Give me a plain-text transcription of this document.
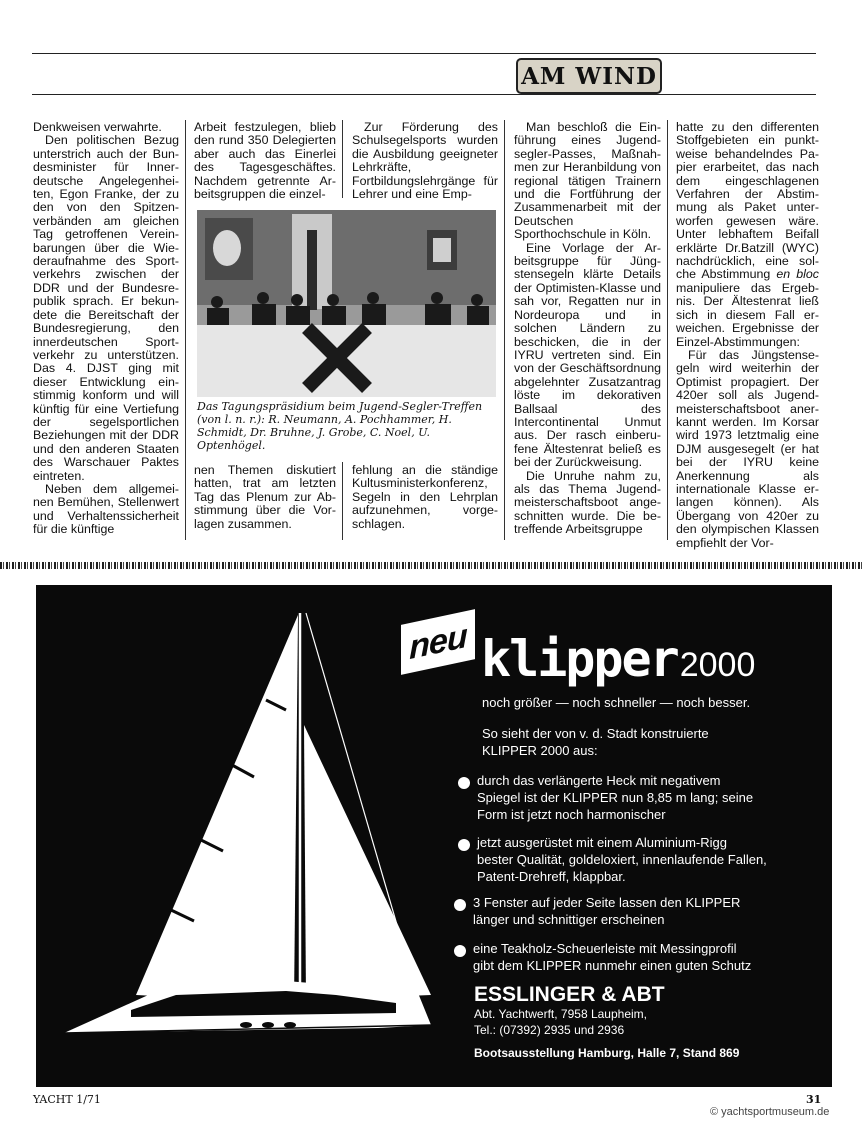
AM WIND

Denkweisen verwahrte.

Den politischen Bezug unterstrich auch der Bundesminister für Innerdeutsche Angelegenheiten, Egon Franke, der zu den von den Spitzenverbänden am gleichen Tag getroffenen Vereinbarungen über die Wiederaufnahme des Sportverkehrs zwischen der DDR und der Bundesrepublik sprach. Er bekundete die Bereitschaft der Bundesregierung, den innerdeutschen Sportverkehr zu unterstützen. Das 4. DJST ging mit dieser Entwicklung einstimmig konform und will künftig für eine Vertiefung der segelsportlichen Beziehungen mit der DDR und den anderen Staaten des Warschauer Paktes eintreten.

Neben dem allgemeinen Bemühen, Stellenwert und Verhaltenssicherheit für die künftige

Arbeit festzulegen, blieb den rund 350 Delegierten aber auch das Einerlei des Tagesgeschäftes. Nachdem getrennte Arbeitsgruppen die einzel-

Zur Förderung des Schulsegelsports wurden die Ausbildung geeigneter Lehrkräfte, Fortbildungslehrgänge für Lehrer und eine Emp-

Das Tagungspräsidium beim Jugend-Segler-Treffen (von l. n. r.): R. Neumann, A. Pochhammer, H. Schmidt, Dr. Bruhne, J. Grobe, C. Noel, U. Optenhögel.

nen Themen diskutiert hatten, trat am letzten Tag das Plenum zur Abstimmung über die Vorlagen zusammen.

fehlung an die ständige Kultusministerkonferenz, Segeln in den Lehrplan aufzunehmen, vorgeschlagen.

Man beschloß die Einführung eines Jugendsegler-Passes, Maßnahmen zur Heranbildung von regional tätigen Trainern und die Fortführung der Zusammenarbeit mit der Deutschen Sporthochschule in Köln.

Eine Vorlage der Arbeitsgruppe für Jüngstensegeln klärte Details der Optimisten-Klasse und sah vor, Regatten nur in Nordeuropa und in solchen Ländern zu beschicken, die in der IYRU vertreten sind. Ein von der Geschäftsordnung abgelehnter Zusatzantrag löste im dekorativen Ballsaal des Intercontinental Unmut aus. Der rasch einberufene Ältestenrat beließ es bei der Zurückweisung.

Die Unruhe nahm zu, als das Thema Jugendmeisterschaftsboot angeschnitten wurde. Die betreffende Arbeitsgruppe

hatte zu den differenten Stoffgebieten ein punktweise behandelndes Papier erarbeitet, das nach dem eingeschlagenen Verfahren der Abstimmung als Paket unterworfen gewesen wäre. Unter lebhaftem Beifall erklärte Dr.Batzill (WYC) nachdrücklich, eine solche Abstimmung en bloc manipuliere das Ergebnis. Der Ältestenrat ließ sich in diesem Fall erweichen. Ergebnisse der Einzel-Abstimmungen:

Für das Jüngstensegeln wird weiterhin der Optimist propagiert. Der 420er soll als Jugendmeisterschaftsboot anerkannt werden. Im Korsar wird 1973 letztmalig eine DJM ausgesegelt (er hat bei der IYRU keine Anerkennung als internationale Klasse erlangen können). Als Übergang von 420er zu den olympischen Klassen empfiehlt der Vor-

neu klipper2000
noch größer — noch schneller — noch besser.
So sieht der von v. d. Stadt konstruierte
KLIPPER 2000 aus:
durch das verlängerte Heck mit negativem
Spiegel ist der KLIPPER nun 8,85 m lang; seine
Form ist jetzt noch harmonischer
jetzt ausgerüstet mit einem Aluminium-Rigg
bester Qualität, goldeloxiert, innenlaufende Fallen,
Patent-Drehreff, klappbar.
3 Fenster auf jeder Seite lassen den KLIPPER
länger und schnittiger erscheinen
eine Teakholz-Scheuerleiste mit Messingprofil
gibt dem KLIPPER nunmehr einen guten Schutz
ESSLINGER & ABT
Abt. Yachtwerft, 7958 Laupheim,
Tel.: (07392) 2935 und 2936
Bootsausstellung Hamburg, Halle 7, Stand 869
YACHT 1/71	31
© yachtsportmuseum.de
